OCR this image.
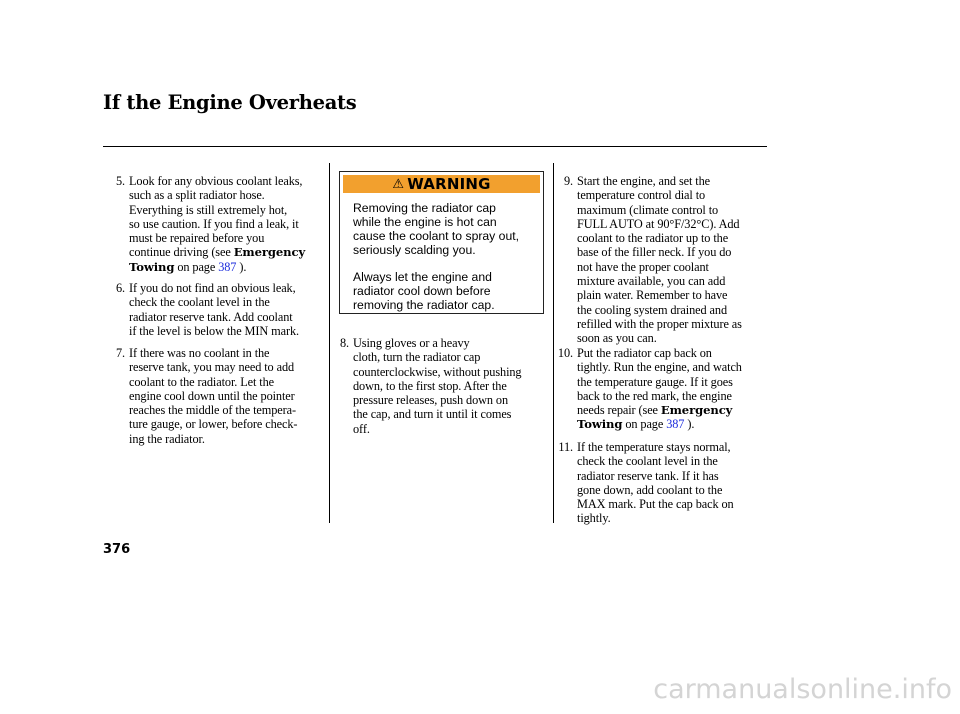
If the Engine Overheats
5. Look for any obvious coolant leaks,
such as a split radiator hose.
Everything is still extremely hot,
so use caution. If you find a leak, it
must be repaired before you
continue driving (see Emergency
Towing on page 387 ).
6. If you do not find an obvious leak,
check the coolant level in the
radiator reserve tank. Add coolant
if the level is below the MIN mark.
7. If there was no coolant in the
reserve tank, you may need to add
coolant to the radiator. Let the
engine cool down until the pointer
reaches the middle of the tempera-
ture gauge, or lower, before check-
ing the radiator.
⚠ WARNING
Removing the radiator cap
while the engine is hot can
cause the coolant to spray out,
seriously scalding you.
Always let the engine and
radiator cool down before
removing the radiator cap.
8. Using gloves or a heavy
cloth, turn the radiator cap
counterclockwise, without pushing
down, to the first stop. After the
pressure releases, push down on
the cap, and turn it until it comes
off.
9. Start the engine, and set the
temperature control dial to
maximum (climate control to
FULL AUTO at 90°F/32°C). Add
coolant to the radiator up to the
base of the filler neck. If you do
not have the proper coolant
mixture available, you can add
plain water. Remember to have
the cooling system drained and
refilled with the proper mixture as
soon as you can.
10. Put the radiator cap back on
tightly. Run the engine, and watch
the temperature gauge. If it goes
back to the red mark, the engine
needs repair (see Emergency
Towing on page 387 ).
11. If the temperature stays normal,
check the coolant level in the
radiator reserve tank. If it has
gone down, add coolant to the
MAX mark. Put the cap back on
tightly.
376
carmanualsonline.info
